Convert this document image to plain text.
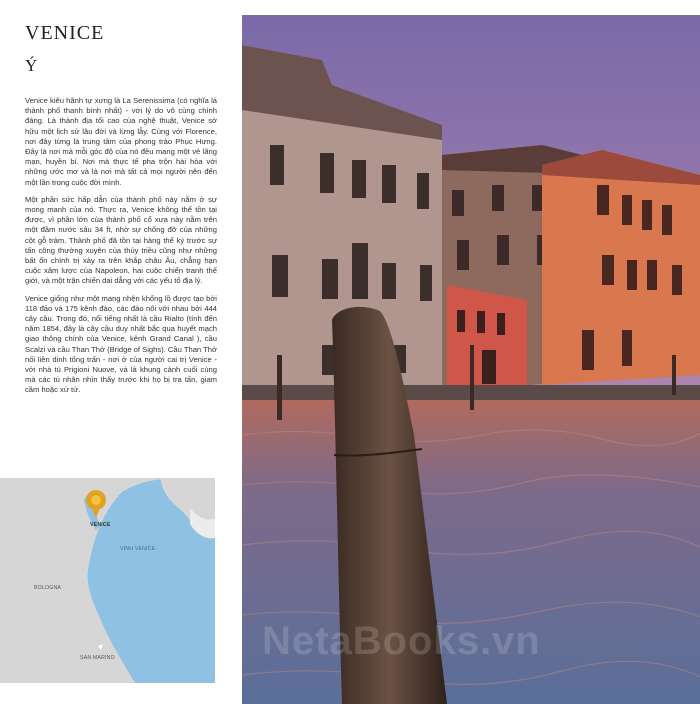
VENICE
Ý

Venice kiêu hãnh tự xưng là La Serenissima (có nghĩa là thành phố thanh bình nhất) - với lý do vô cùng chính đáng. Là thành địa tối cao của nghệ thuật, Venice sở hữu một lịch sử lâu đời và lừng lẫy. Cùng với Florence, nơi đây từng là trung tâm của phong trào Phục Hưng. Đây là nơi mà mỗi góc độ của nó đều mang một vẻ lãng mạn, huyền bí. Nơi mà thực tế pha trộn hài hòa với những ước mơ và là nơi mà tất cả mọi người nên đến một lần trong cuộc đời mình.

Một phần sức hấp dẫn của thành phố này nằm ở sự mong manh của nó. Thực ra, Venice không thể tồn tại được, vì phần lớn của thành phố cổ xưa này nằm trên một đầm nước sâu 34 ft, nhờ sự chống đỡ của những cột gỗ tràm. Thành phố đã tồn tại hàng thế kỷ trước sự tấn công thường xuyên của thủy triều cũng như những bất ổn chính trị xảy ra trên khắp châu Âu, chẳng hạn cuộc xâm lược của Napoleon, hai cuộc chiến tranh thế giới, và một trận chiến dai dẳng với các yếu tố địa lý.

Venice giống như một mạng nhện khổng lồ được tạo bởi 118 đảo và 175 kênh đào, các đảo nối với nhau bởi 444 cây cầu. Trong đó, nổi tiếng nhất là cầu Rialto (tính đến năm 1854, đây là cây cầu duy nhất bắc qua huyết mạch giao thông chính của Venice, kênh Grand Canal ), cầu Scalzi và cầu Than Thở (Bridge of Sighs). Cầu Than Thở nối liền dinh tổng trấn - nơi ở của người cai trị Venice - với nhà tù Prigioni Nuove, và là khung cảnh cuối cùng mà các tù nhân nhìn thấy trước khi họ bị tra tấn, giam cầm hoặc xử tử.

VENICE
VỊNH VENICE
BOLOGNA
SAN MARINO	NetaBooks.vn
